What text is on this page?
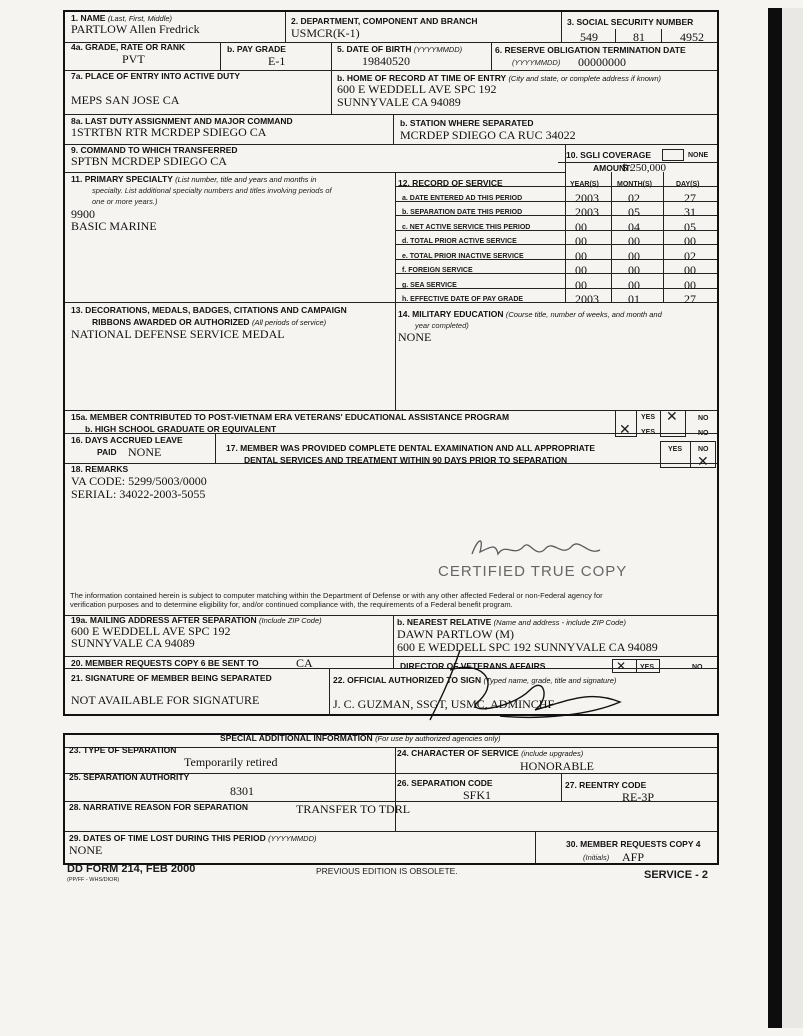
1. NAME (Last, First, Middle)
PARTLOW Allen Fredrick
2. DEPARTMENT, COMPONENT AND BRANCH
USMCR(K-1)
3. SOCIAL SECURITY NUMBER
549	81	4952
4a. GRADE, RATE OR RANK
PVT
b. PAY GRADE
E-1
5. DATE OF BIRTH (YYYYMMDD)
19840520
6. RESERVE OBLIGATION TERMINATION DATE
(YYYYMMDD) 00000000
7a. PLACE OF ENTRY INTO ACTIVE DUTY
MEPS SAN JOSE CA
b. HOME OF RECORD AT TIME OF ENTRY (City and state, or complete address if known)
600 E WEDDELL AVE SPC 192
SUNNYVALE CA 94089
8a. LAST DUTY ASSIGNMENT AND MAJOR COMMAND
1STRTBN RTR MCRDEP SDIEGO CA
b. STATION WHERE SEPARATED
MCRDEP SDIEGO CA RUC 34022
9. COMMAND TO WHICH TRANSFERRED
SPTBN MCRDEP SDIEGO CA	10. SGLI COVERAGE	NONE
AMOUNT:
$ 250,000
11. PRIMARY SPECIALTY (List number, title and years and months in
specialty. List additional specialty numbers and titles involving periods of
one or more years.)
9900
BASIC MARINE
12. RECORD OF SERVICE	YEAR(S)	MONTH(S)	DAY(S)
a. DATE ENTERED AD THIS PERIOD	2003 02	27
b. SEPARATION DATE THIS PERIOD	2003 05	31
c. NET ACTIVE SERVICE THIS PERIOD	00	04	05
d. TOTAL PRIOR ACTIVE SERVICE	00	00	00
e. TOTAL PRIOR INACTIVE SERVICE	00	00	02
f. FOREIGN SERVICE	00	00	00
g. SEA SERVICE	00	00	00
h. EFFECTIVE DATE OF PAY GRADE	2003 01	27
13. DECORATIONS, MEDALS, BADGES, CITATIONS AND CAMPAIGN
RIBBONS AWARDED OR AUTHORIZED (All periods of service)
NATIONAL DEFENSE SERVICE MEDAL
14. MILITARY EDUCATION (Course title, number of weeks, and month and
year completed)
NONE
15a. MEMBER CONTRIBUTED TO POST-VIETNAM ERA VETERANS' EDUCATIONAL ASSISTANCE PROGRAM
b. HIGH SCHOOL GRADUATE OR EQUIVALENT
YES ✕	NO
✕ YES	NO
16. DAYS ACCRUED LEAVE
PAID NONE	17. MEMBER WAS PROVIDED COMPLETE DENTAL EXAMINATION AND ALL APPROPRIATE
DENTAL SERVICES AND TREATMENT WITHIN 90 DAYS PRIOR TO SEPARATION
YES NO
✕
18. REMARKS
VA CODE: 5299/5003/0000
SERIAL: 34022-2003-5055
CERTIFIED TRUE COPY
The information contained herein is subject to computer matching within the Department of Defense or with any other affected Federal or non-Federal agency for
verification purposes and to determine eligibility for, and/or continued compliance with, the requirements of a Federal benefit program.
19a. MAILING ADDRESS AFTER SEPARATION (Include ZIP Code)
600 E WEDDELL AVE SPC 192
SUNNYVALE CA 94089
b. NEAREST RELATIVE (Name and address - include ZIP Code)
DAWN PARTLOW (M)
600 E WEDDELL SPC 192 SUNNYVALE CA 94089
20. MEMBER REQUESTS COPY 6 BE SENT TO	CA	DIRECTOR OF VETERANS AFFAIRS	✕ YES	NO
21. SIGNATURE OF MEMBER BEING SEPARATED
NOT AVAILABLE FOR SIGNATURE
22. OFFICIAL AUTHORIZED TO SIGN (Typed name, grade, title and signature)
J. C. GUZMAN, SSGT, USMC, ADMINCHF
SPECIAL ADDITIONAL INFORMATION (For use by authorized agencies only)
23. TYPE OF SEPARATION
Temporarily retired
24. CHARACTER OF SERVICE (include upgrades)
HONORABLE
25. SEPARATION AUTHORITY
8301
26. SEPARATION CODE
SFK1
27. REENTRY CODE
RE-3P
28. NARRATIVE REASON FOR SEPARATION	TRANSFER TO TDRL
29. DATES OF TIME LOST DURING THIS PERIOD (YYYYMMDD)
NONE	30. MEMBER REQUESTS COPY 4
(Initials) AFP
DD FORM 214, FEB 2000
(PP/FF - WHS/DIOR)
PREVIOUS EDITION IS OBSOLETE.	SERVICE - 2
